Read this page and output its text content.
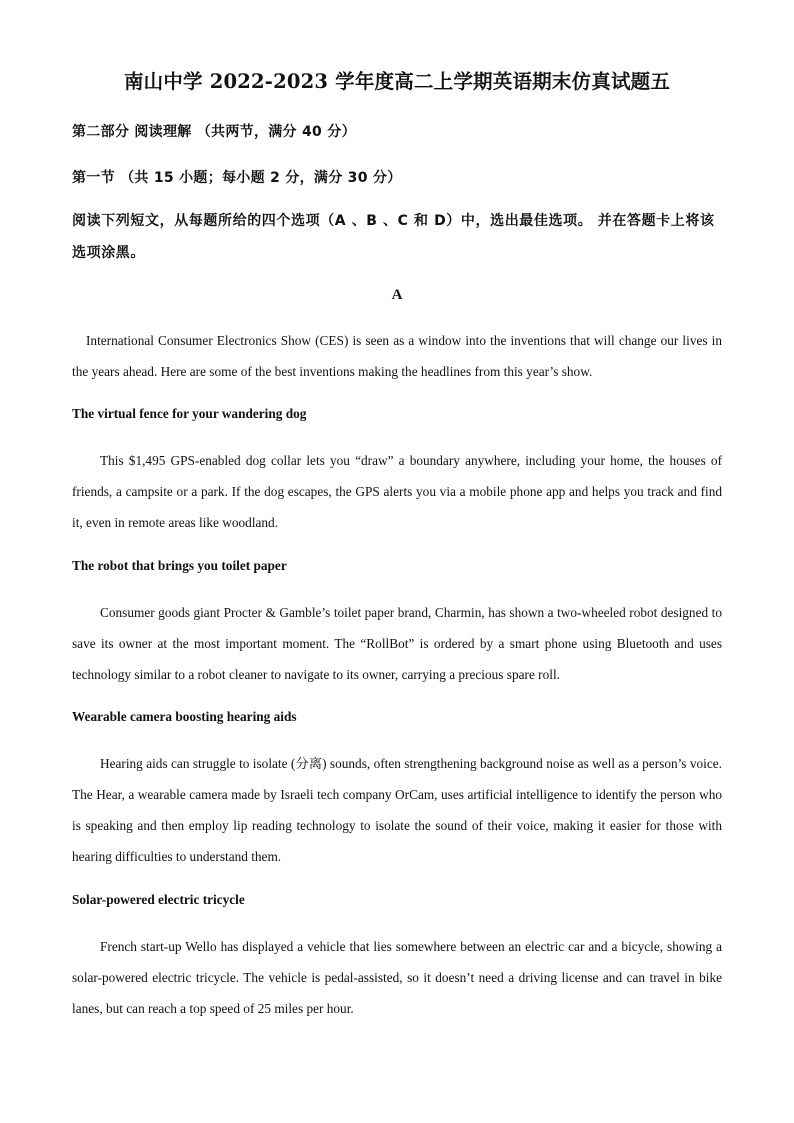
南山中学 2022-2023 学年度高二上学期英语期末仿真试题五
第二部分 阅读理解 （共两节，满分 40 分）
第一节 （共 15 小题；每小题 2 分，满分 30 分）
阅读下列短文，从每题所给的四个选项（A 、B 、C 和 D）中，选出最佳选项。 并在答题卡上将该选项涂黑。
A
International Consumer Electronics Show (CES) is seen as a window into the inventions that will change our lives in the years ahead. Here are some of the best inventions making the headlines from this year’s show.
The virtual fence for your wandering dog
This $1,495 GPS-enabled dog collar lets you “draw” a boundary anywhere, including your home, the houses of friends, a campsite or a park. If the dog escapes, the GPS alerts you via a mobile phone app and helps you track and find it, even in remote areas like woodland.
The robot that brings you toilet paper
Consumer goods giant Procter & Gamble’s toilet paper brand, Charmin, has shown a two-wheeled robot designed to save its owner at the most important moment. The “RollBot” is ordered by a smart phone using Bluetooth and uses technology similar to a robot cleaner to navigate to its owner, carrying a precious spare roll.
Wearable camera boosting hearing aids
Hearing aids can struggle to isolate (分离) sounds, often strengthening background noise as well as a person’s voice. The Hear, a wearable camera made by Israeli tech company OrCam, uses artificial intelligence to identify the person who is speaking and then employ lip reading technology to isolate the sound of their voice, making it easier for those with hearing difficulties to understand them.
Solar-powered electric tricycle
French start-up Wello has displayed a vehicle that lies somewhere between an electric car and a bicycle, showing a solar-powered electric tricycle. The vehicle is pedal-assisted, so it doesn’t need a driving license and can travel in bike lanes, but can reach a top speed of 25 miles per hour.
